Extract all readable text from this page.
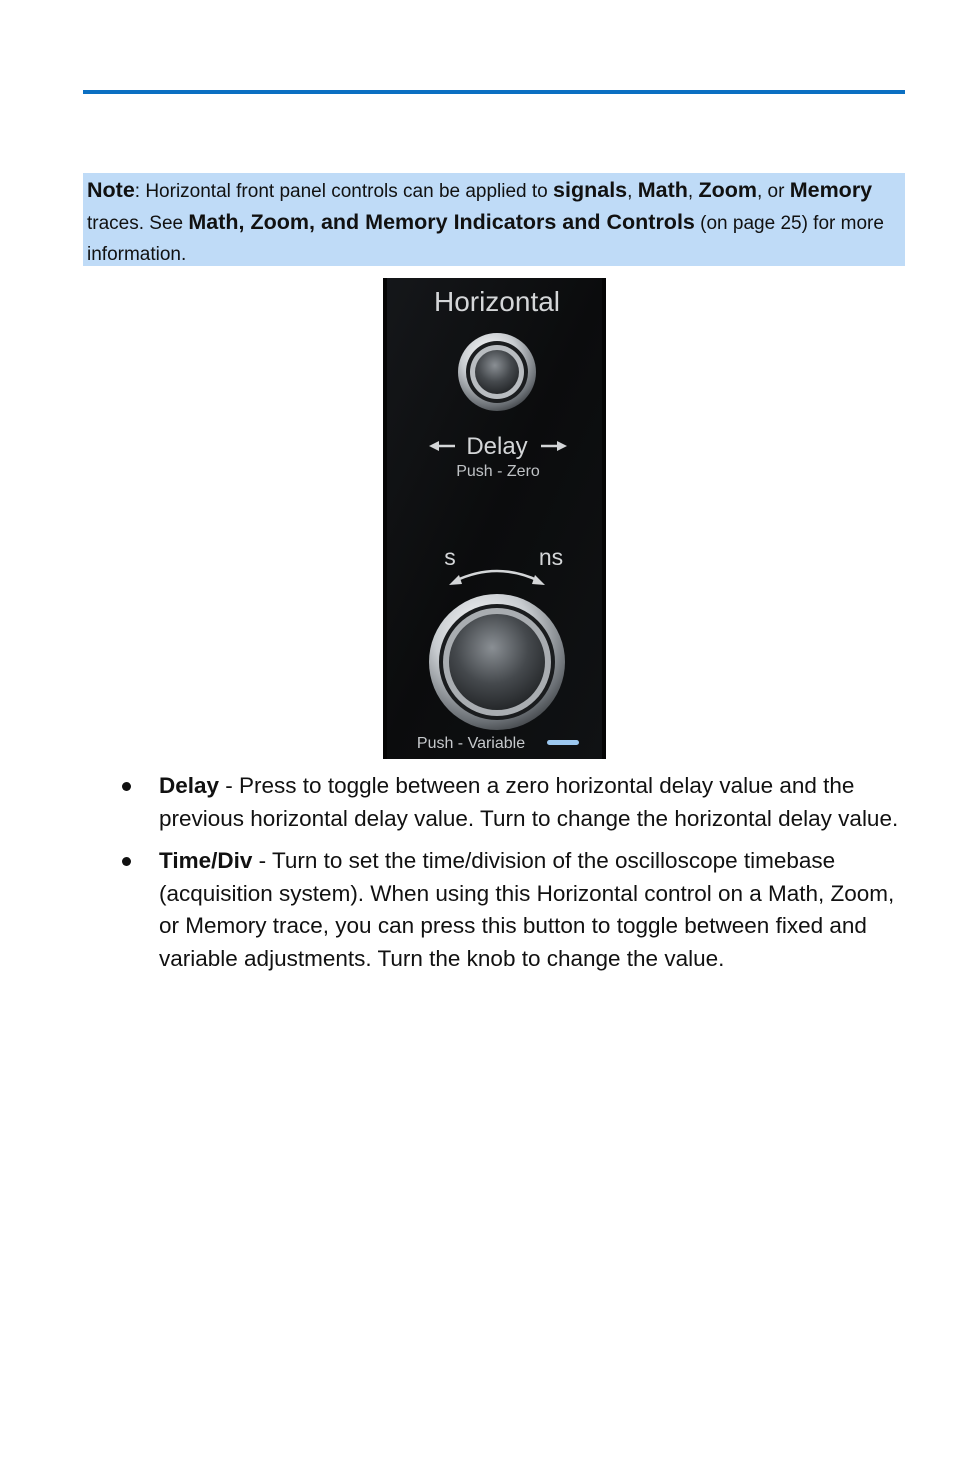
Note: Horizontal front panel controls can be applied to signals, Math, Zoom, or Memory traces. See Math, Zoom, and Memory Indicators and Controls (on page 25) for more information.
Horizontal
Delay
Push - Zero
s	ns
Push - Variable
Delay - Press to toggle between a zero horizontal delay value and the previous horizontal delay value. Turn to change the horizontal delay value.
Time/Div - Turn to set the time/division of the oscilloscope timebase (acquisition system). When using this Horizontal control on a Math, Zoom, or Memory trace, you can press this button to toggle between fixed and variable adjustments. Turn the knob to change the value.
